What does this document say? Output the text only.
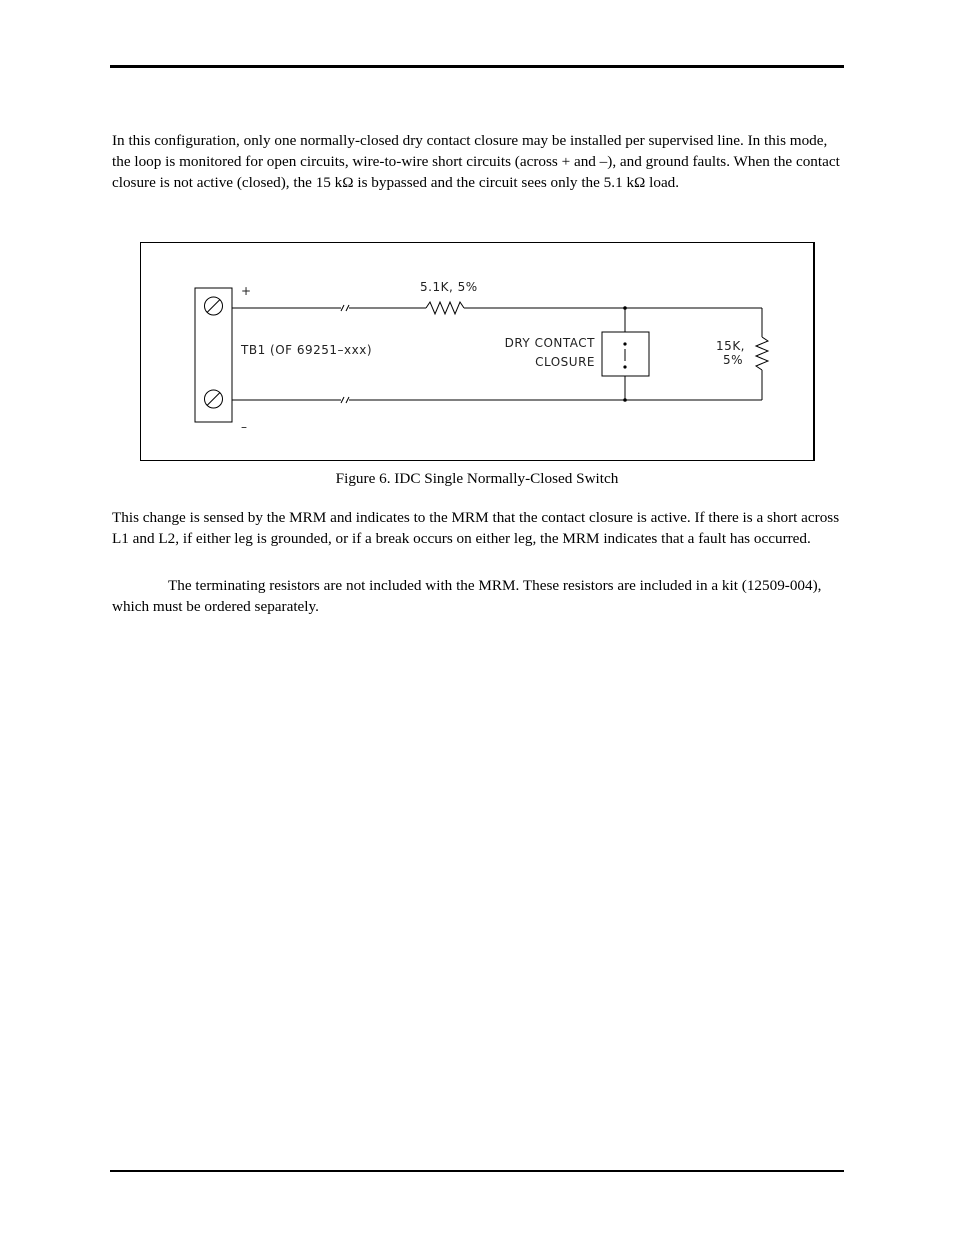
In this configuration, only one normally-closed dry contact closure may be installed per supervised line. In this mode, the loop is monitored for open circuits, wire-to-wire short circuits (across + and –), and ground faults. When the contact closure is not active (closed), the 15 kΩ is bypassed and the circuit sees only the 5.1 kΩ load.

+
–
TB1 (OF 69251–xxx)
5.1K, 5%
DRY CONTACT
CLOSURE
15K,
5%
Figure 6. IDC Single Normally-Closed Switch

This change is sensed by the MRM and indicates to the MRM that the contact closure is active. If there is a short across L1 and L2, if either leg is grounded, or if a break occurs on either leg, the MRM indicates that a fault has occurred.

The terminating resistors are not included with the MRM. These resistors are included in a kit (12509-004), which must be ordered separately.
